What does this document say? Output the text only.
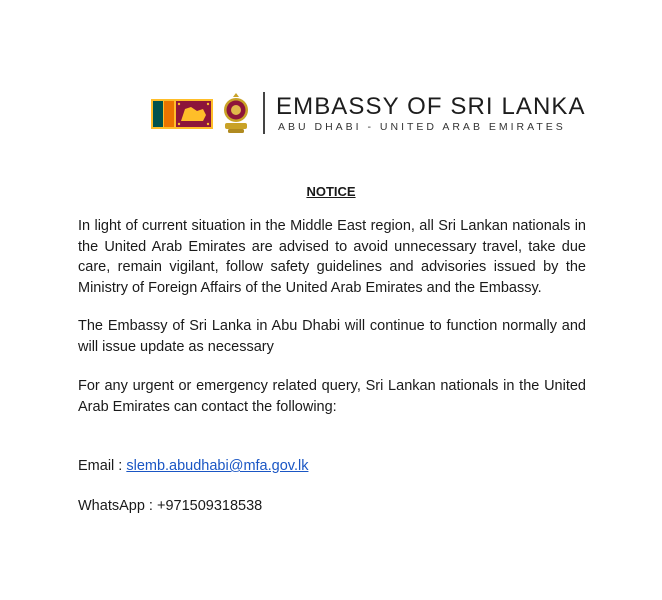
EMBASSY OF SRI LANKA
ABU DHABI - UNITED ARAB EMIRATES
NOTICE

In light of current situation in the Middle East region, all Sri Lankan nationals in the United Arab Emirates are advised to avoid unnecessary travel, take due care, remain vigilant, follow safety guidelines and advisories issued by the Ministry of Foreign Affairs of the United Arab Emirates and the Embassy.

The Embassy of Sri Lanka in Abu Dhabi will continue to function normally and will issue update as necessary

For any urgent or emergency related query, Sri Lankan nationals in the United Arab Emirates can contact the following:

Email : slemb.abudhabi@mfa.gov.lk
WhatsApp : +971509318538
